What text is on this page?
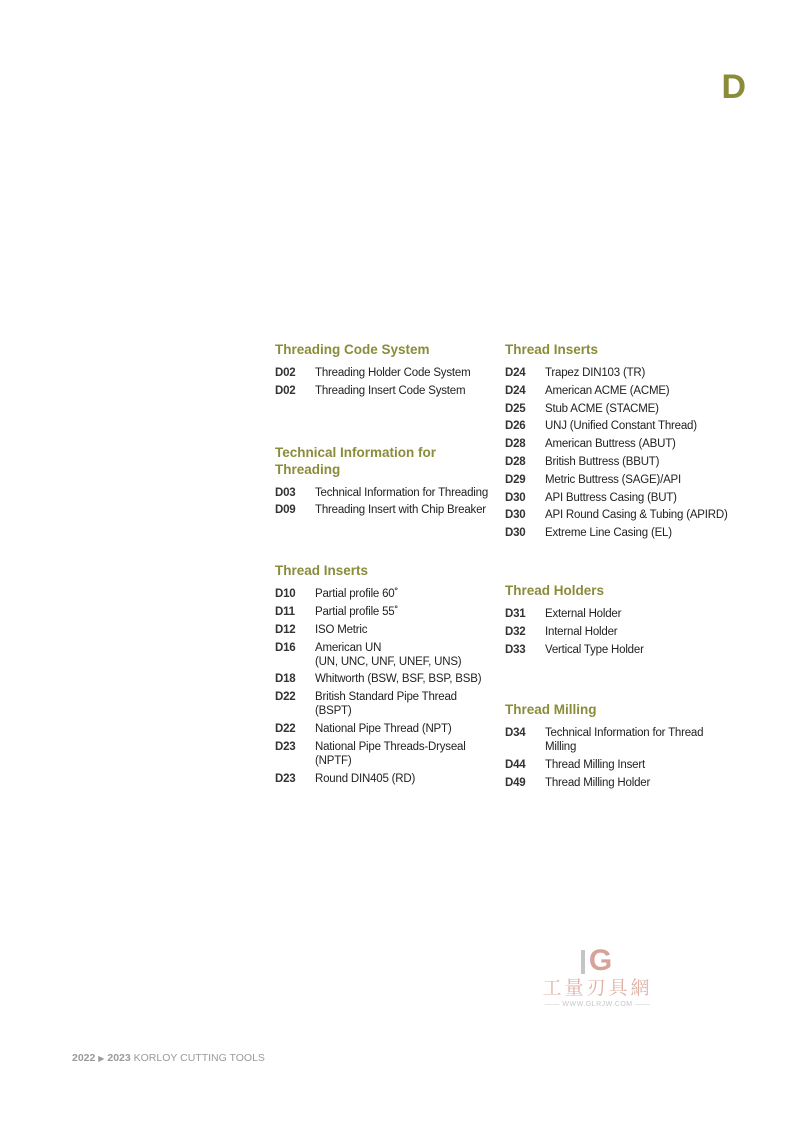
D
Threading Code System
D02	Threading Holder Code System
D02	Threading Insert Code System
Technical Information for
Threading
D03	Technical Information for Threading
D09	Threading Insert with Chip Breaker
Thread Inserts
D10	Partial profile 60˚
D11	Partial profile 55˚
D12	ISO Metric
D16	American UN
(UN, UNC, UNF, UNEF, UNS)
D18	Whitworth (BSW, BSF, BSP, BSB)
D22	British Standard Pipe Thread
(BSPT)
D22	National Pipe Thread (NPT)
D23	National Pipe Threads-Dryseal
(NPTF)
D23	Round DIN405 (RD)
Thread Inserts
D24	Trapez DIN103 (TR)
D24	American ACME (ACME)
D25	Stub ACME (STACME)
D26	UNJ (Unified Constant Thread)
D28	American Buttress (ABUT)
D28	British Buttress (BBUT)
D29	Metric Buttress (SAGE)/API
D30	API Buttress Casing (BUT)
D30	API Round Casing & Tubing (APIRD)
D30	Extreme Line Casing (EL)
Thread Holders
D31	External Holder
D32	Internal Holder
D33	Vertical Type Holder
Thread Milling
D34	Technical Information for Thread Milling
D44	Thread Milling Insert
D49	Thread Milling Holder
G
工量刃具網
—— WWW.GLRJW.COM ——
2022 ▶ 2023 KORLOY CUTTING TOOLS
